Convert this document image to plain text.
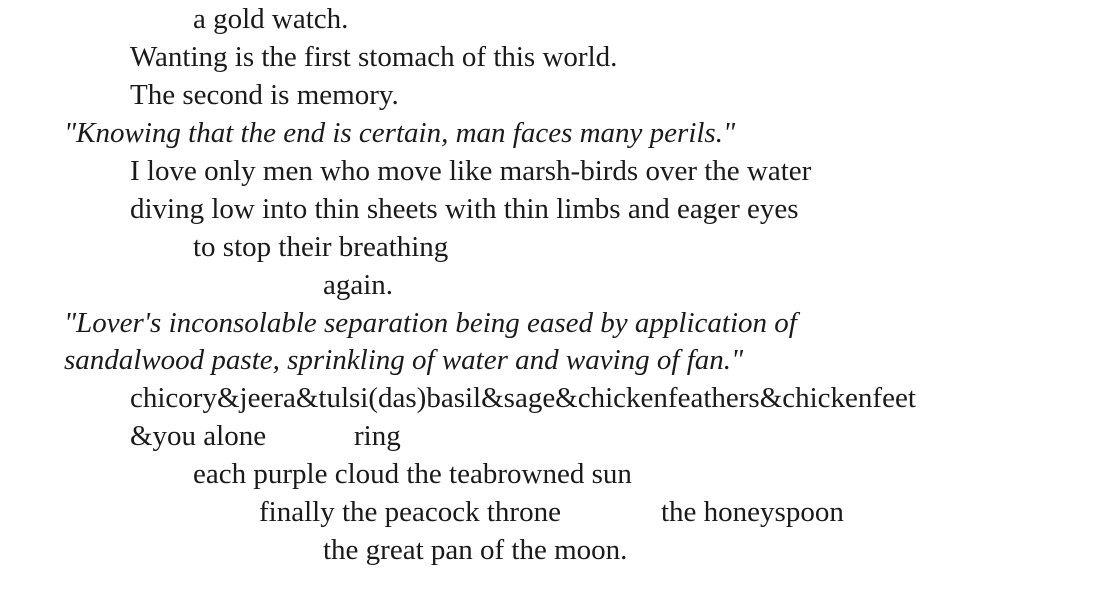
a gold watch.
Wanting is the first stomach of this world.
The second is memory.
"Knowing that the end is certain, man faces many perils."
I love only men who move like marsh-birds over the water
diving low into thin sheets with thin limbs and eager eyes
to stop their breathing
again.
"Lover's inconsolable separation being eased by application of
sandalwood paste, sprinkling of water and waving of fan."
chicory&jeera&tulsi(das)basil&sage&chickenfeathers&chickenfeet
&you alone	ring
each purple cloud the teabrowned sun
finally the peacock throne	the honeyspoon
the great pan of the moon.
